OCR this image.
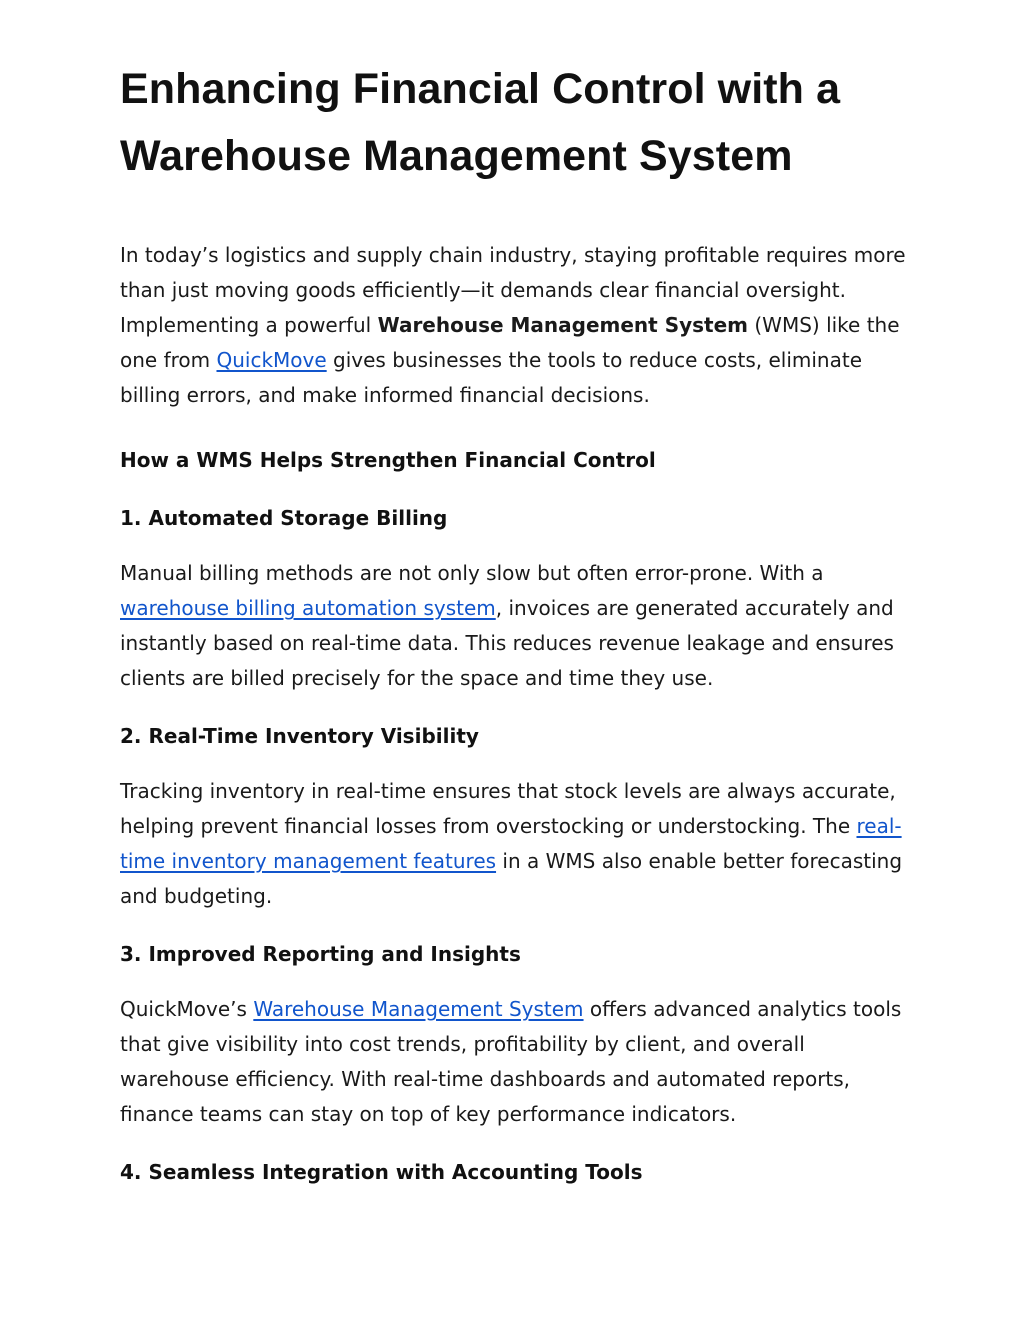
Enhancing Financial Control with a Warehouse Management System

In today’s logistics and supply chain industry, staying profitable requires more than just moving goods efficiently—it demands clear financial oversight. Implementing a powerful Warehouse Management System (WMS) like the one from QuickMove gives businesses the tools to reduce costs, eliminate billing errors, and make informed financial decisions.

How a WMS Helps Strengthen Financial Control
1. Automated Storage Billing

Manual billing methods are not only slow but often error-prone. With a warehouse billing automation system, invoices are generated accurately and instantly based on real-time data. This reduces revenue leakage and ensures clients are billed precisely for the space and time they use.

2. Real-Time Inventory Visibility

Tracking inventory in real-time ensures that stock levels are always accurate, helping prevent financial losses from overstocking or understocking. The real-time inventory management features in a WMS also enable better forecasting and budgeting.

3. Improved Reporting and Insights

QuickMove’s Warehouse Management System offers advanced analytics tools that give visibility into cost trends, profitability by client, and overall warehouse efficiency. With real-time dashboards and automated reports, finance teams can stay on top of key performance indicators.

4. Seamless Integration with Accounting Tools
